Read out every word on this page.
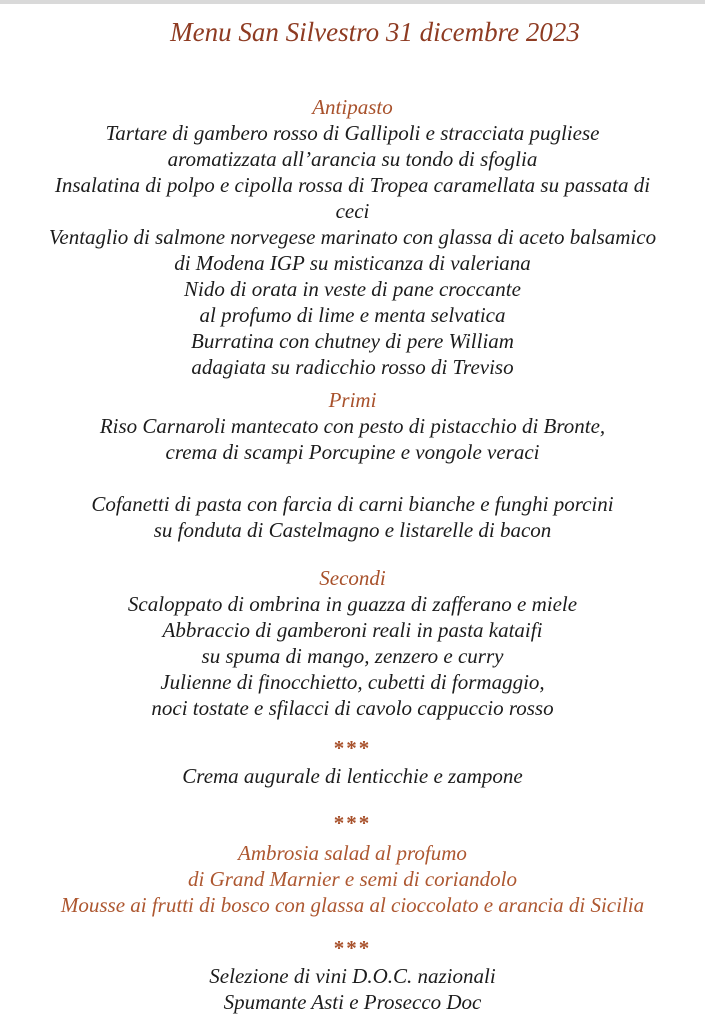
Menu San Silvestro 31 dicembre 2023
Antipasto
Tartare di gambero rosso di Gallipoli e stracciata pugliese
aromatizzata all’arancia su tondo di sfoglia
Insalatina di polpo e cipolla rossa di Tropea caramellata su passata di
ceci
Ventaglio di salmone norvegese marinato con glassa di aceto balsamico
di Modena IGP su misticanza di valeriana
Nido di orata in veste di pane croccante
al profumo di lime e menta selvatica
Burratina con chutney di pere William
adagiata su radicchio rosso di Treviso
Primi
Riso Carnaroli mantecato con pesto di pistacchio di Bronte,
crema di scampi Porcupine e vongole veraci
Cofanetti di pasta con farcia di carni bianche e funghi porcini
su fonduta di Castelmagno e listarelle di bacon
Secondi
Scaloppato di ombrina in guazza di zafferano e miele
Abbraccio di gamberoni reali in pasta kataifi
su spuma di mango, zenzero e curry
Julienne di finocchietto, cubetti di formaggio,
noci tostate e sfilacci di cavolo cappuccio rosso
***
Crema augurale di lenticchie e zampone
***
Ambrosia salad al profumo
di Grand Marnier e semi di coriandolo
Mousse ai frutti di bosco con glassa al cioccolato e arancia di Sicilia
***
Selezione di vini D.O.C. nazionali
Spumante Asti e Prosecco Doc
